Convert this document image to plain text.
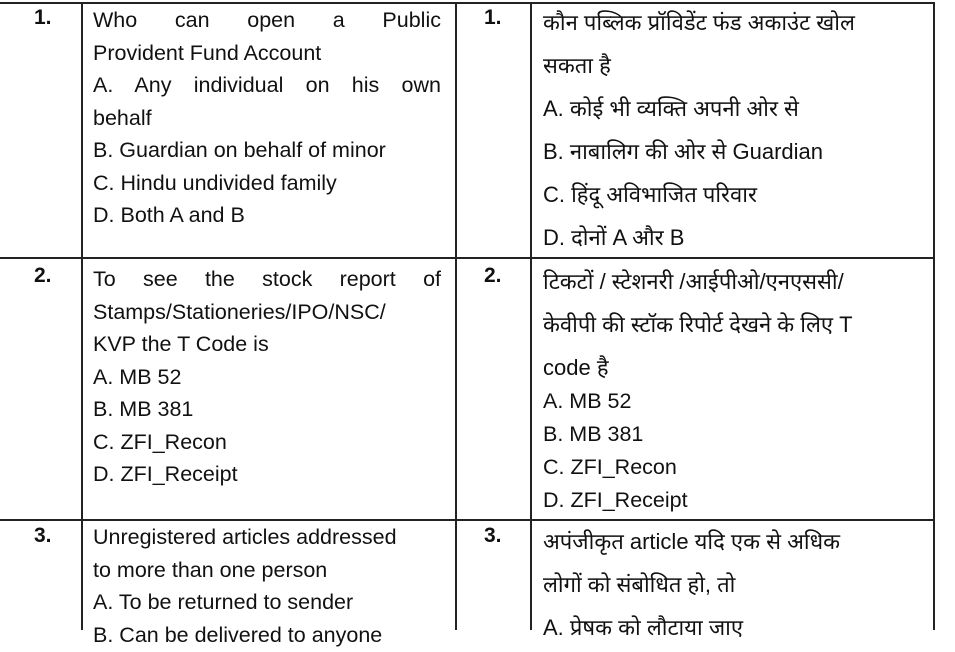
1. Who can open a Public
Provident Fund Account
A. Any individual on his own
behalf
B. Guardian on behalf of minor
C. Hindu undivided family
D. Both A and B
1. कौन पब्लिक प्रॉविडेंट फंड अकाउंट खोल
सकता है
A. कोई भी व्यक्ति अपनी ओर से
B. नाबालिग की ओर से Guardian
C. हिंदू अविभाजित परिवार
D. दोनों A और B
2. To see the stock report of
Stamps/Stationeries/IPO/NSC/
KVP the T Code is
A. MB 52
B. MB 381
C. ZFI_Recon
D. ZFI_Receipt
2. टिकटों / स्टेशनरी /आईपीओ/एनएससी/
केवीपी की स्टॉक रिपोर्ट देखने के लिए T
code है
A. MB 52
B. MB 381
C. ZFI_Recon
D. ZFI_Receipt
3. Unregistered articles addressed
to more than one person
A. To be returned to sender
B. Can be delivered to anyone
3. अपंजीकृत article यदि एक से अधिक
लोगों को संबोधित हो, तो
A. प्रेषक को लौटाया जाए
